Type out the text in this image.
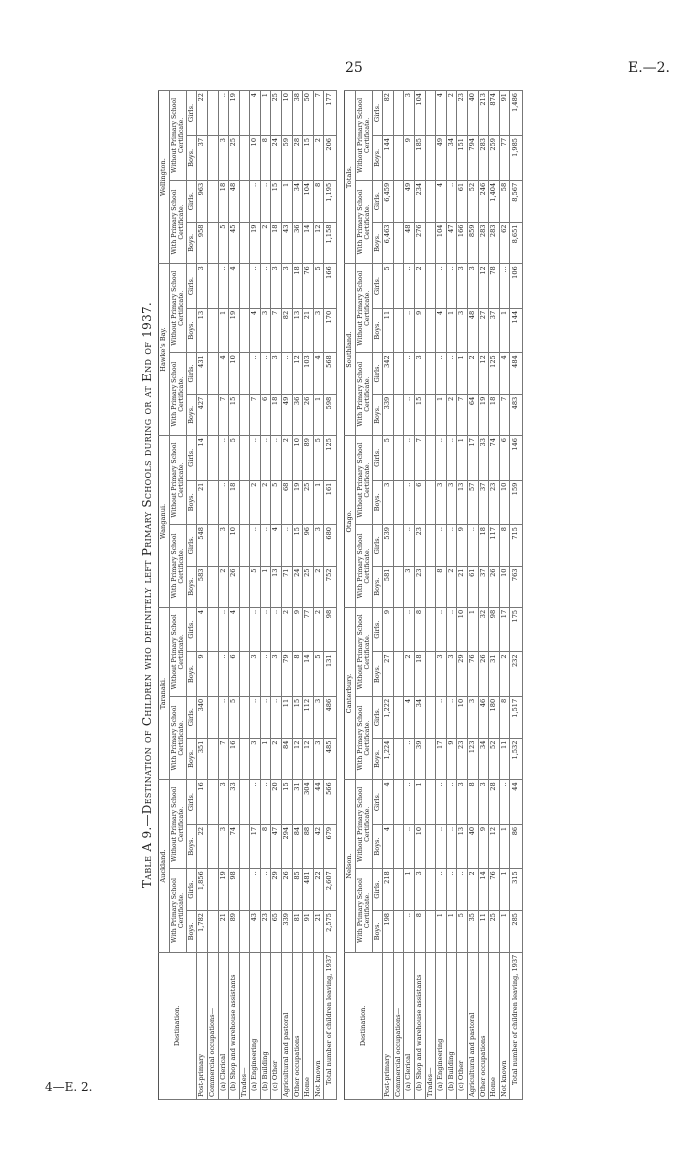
25	E.—2.
Table A 9.—Destination of Children who definitely left Primary Schools during or at End of 1937.
Destination.	Auckland.				Taranaki.				Wanganui.				Hawke's Bay.				Wellington.			
	With Primary School Certificate.		Without Primary School Certificate.		With Primary School Certificate.		Without Primary School Certificate.		With Primary School Certificate.		Without Primary School Certificate.		With Primary School Certificate.		Without Primary School Certificate.		With Primary School Certificate.		Without Primary School Certificate.	
	Boys.	Girls.	Boys.	Girls.	Boys.	Girls.	Boys.	Girls.	Boys.	Girls.	Boys.	Girls.	Boys.	Girls.	Boys.	Girls.	Boys.	Girls.	Boys.	Girls.
Post-primary	1,782	1,856	22	16	351	340	9	4	583	548	21	14	427	431	13	3	958	963	37	22
Commercial occupations—																				
(a) Clerical	21	19	3	3	7	..	..	..	2	3	..	..	7	4	1	..	5	18	3	..
(b) Shop and warehouse assistants	89	98	74	33	16	5	6	4	26	10	18	5	15	10	19	4	45	48	25	19
Trades—																				
(a) Engineering	43	..	17	..	3	..	3	..	5	..	2	..	7	..	4	..	19	..	10	4
(b) Building	23	..	8	..	1	..	..	..	1	..	2	..	6	..	3	..	2	..	8	1
(c) Other	65	29	47	20	2	..	3	..	13	4	5	..	18	3	7	3	18	15	24	25
Agricultural and pastoral	339	26	294	15	84	11	79	2	71	..	68	2	49	..	82	3	43	1	59	10
Other occupations	81	85	84	31	12	15	8	9	24	15	19	10	36	12	13	18	36	34	28	38
Home	91	481	88	304	12	112	14	77	25	96	25	89	26	103	21	76	14	104	15	50
Not known	21	22	42	44	3	3	5	2	2	3	1	5	1	4	3	5	12	8	2	7
Total number of children leaving, 1937	2,575	2,607	679	566	485	486	131	98	752	680	161	125	598	568	170	166	1,158	1,195	206	177

Destination.	Nelson.				Canterbury.				Otago.				Southland.				Totals.			
	With Primary School Certificate.		Without Primary School Certificate.		With Primary School Certificate.		Without Primary School Certificate.		With Primary School Certificate.		Without Primary School Certificate.		With Primary School Certificate.		Without Primary School Certificate.		With Primary School Certificate.		Without Primary School Certificate.	
	Boys.	Girls.	Boys.	Girls.	Boys.	Girls.	Boys.	Girls.	Boys.	Girls.	Boys.	Girls.	Boys.	Girls.	Boys.	Girls.	Boys.	Girls.	Boys.	Girls.
Post-primary	198	218	4	4	1,224	1,222	27	9	581	539	3	5	339	342	11	5	6,463	6,459	144	82
Commercial occupations—																				
(a) Clerical	..	1	..	..	..	4	2	..	3	..	..	..	..	..	..	..	48	49	9	3
(b) Shop and warehouse assistants	8	3	10	1	39	34	18	8	23	23	6	7	15	3	9	2	276	234	185	104
Trades—																				
(a) Engineering	1	..	..	..	17	..	3	..	8	..	3	..	1	..	4	..	104	4	49	4
(b) Building	1	..	..	..	9	..	3	..	2	..	3	..	2	..	1	..	47	..	34	2
(c) Other	5	..	13	3	23	10	29	10	21	9	13	1	7	1	3	3	166	61	151	23
Agricultural and pastoral	35	2	40	8	123	3	76	1	61	..	57	17	64	2	48	3	859	52	794	40
Other occupations	11	14	9	3	34	46	26	32	37	18	37	33	19	12	27	12	283	246	283	213
Home	25	76	12	28	52	180	31	98	26	117	23	74	18	125	37	78	283	1,404	259	874
Not known	1	1	1	..	11	8	2	17	10	8	10	6	7	4	1	...	62	58	77	91
Total number of children leaving, 1937	285	315	86	44	1,532	1,517	232	175	763	715	159	146	483	484	144	106	8,651	8,567	1,985	1,486
4—E. 2.
